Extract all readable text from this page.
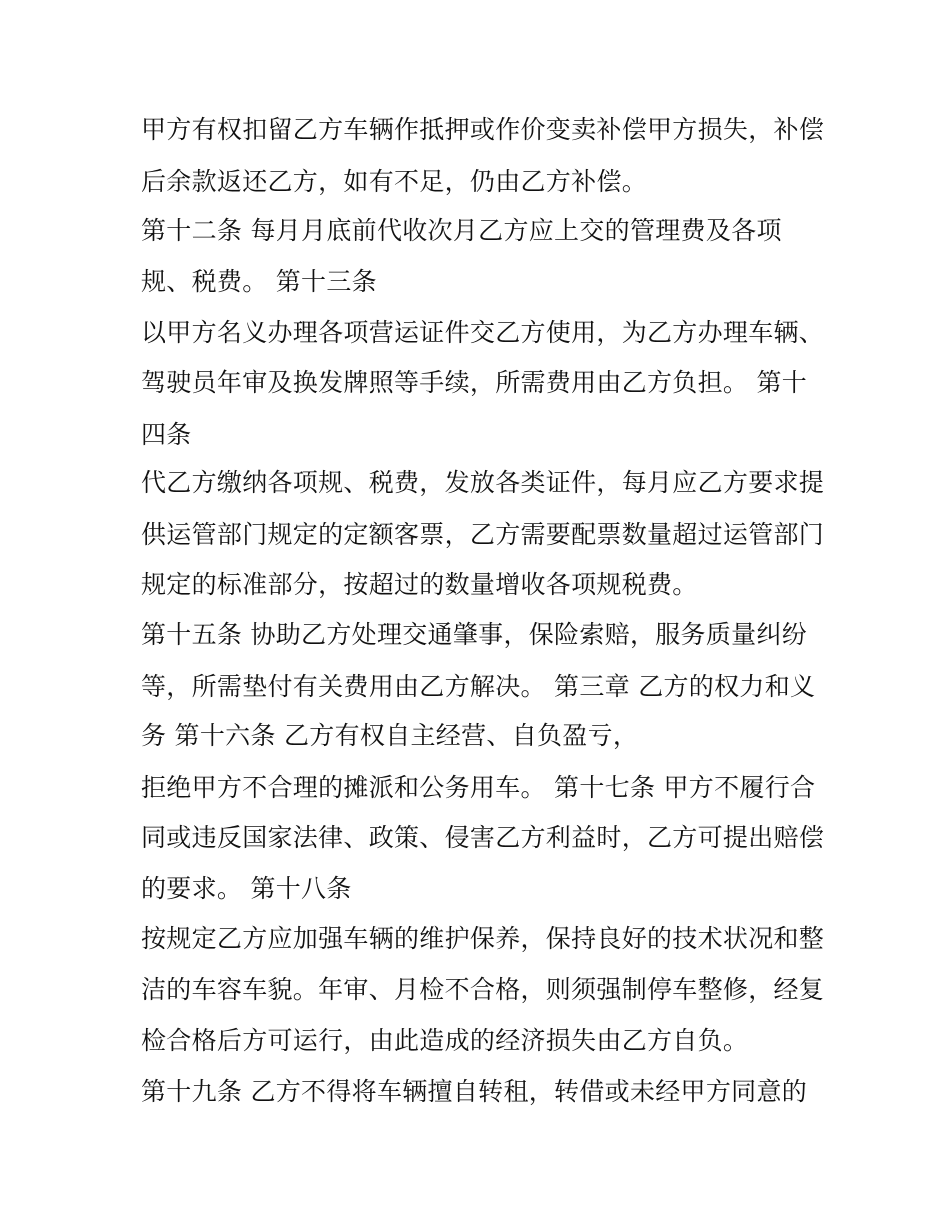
甲方有权扣留乙方车辆作抵押或作价变卖补偿甲方损失，补偿
后余款返还乙方，如有不足，仍由乙方补偿。
第十二条 每月月底前代收次月乙方应上交的管理费及各项
规、税费。 第十三条
以甲方名义办理各项营运证件交乙方使用，为乙方办理车辆、
驾驶员年审及换发牌照等手续，所需费用由乙方负担。 第十
四条
代乙方缴纳各项规、税费，发放各类证件，每月应乙方要求提
供运管部门规定的定额客票，乙方需要配票数量超过运管部门
规定的标准部分，按超过的数量增收各项规税费。
第十五条 协助乙方处理交通肇事，保险索赔，服务质量纠纷
等，所需垫付有关费用由乙方解决。 第三章 乙方的权力和义
务 第十六条 乙方有权自主经营、自负盈亏，
拒绝甲方不合理的摊派和公务用车。 第十七条 甲方不履行合
同或违反国家法律、政策、侵害乙方利益时，乙方可提出赔偿
的要求。 第十八条
按规定乙方应加强车辆的维护保养，保持良好的技术状况和整
洁的车容车貌。年审、月检不合格，则须强制停车整修，经复
检合格后方可运行，由此造成的经济损失由乙方自负。
第十九条 乙方不得将车辆擅自转租，转借或未经甲方同意的
